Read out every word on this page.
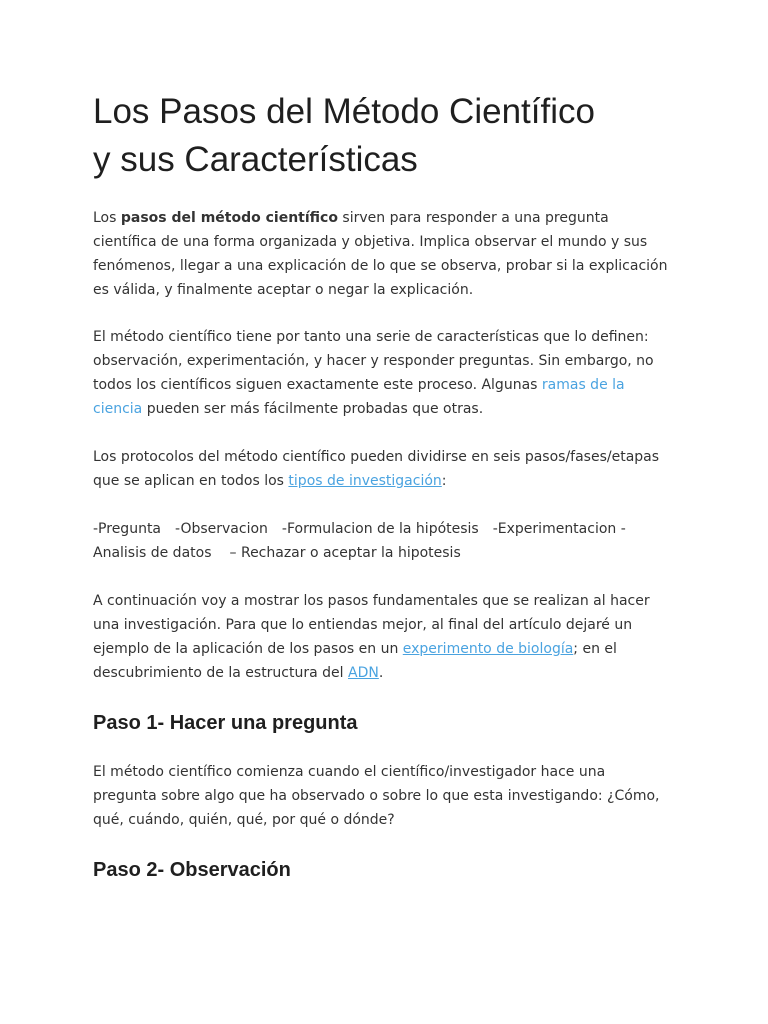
Los Pasos del Método Científico
y sus Características

Los pasos del método científico sirven para responder a una pregunta científica de una forma organizada y objetiva. Implica observar el mundo y sus fenómenos, llegar a una explicación de lo que se observa, probar si la explicación es válida, y finalmente aceptar o negar la explicación.

El método científico tiene por tanto una serie de características que lo definen: observación, experimentación, y hacer y responder preguntas. Sin embargo, no todos los científicos siguen exactamente este proceso. Algunas ramas de la ciencia pueden ser más fácilmente probadas que otras.

Los protocolos del método científico pueden dividirse en seis pasos/fases/etapas que se aplican en todos los tipos de investigación:

-Pregunta -Observacion -Formulacion de la hipótesis -Experimentacion -
Analisis de datos – Rechazar o aceptar la hipotesis

A continuación voy a mostrar los pasos fundamentales que se realizan al hacer una investigación. Para que lo entiendas mejor, al final del artículo dejaré un ejemplo de la aplicación de los pasos en un experimento de biología; en el descubrimiento de la estructura del ADN.

Paso 1- Hacer una pregunta

El método científico comienza cuando el científico/investigador hace una pregunta sobre algo que ha observado o sobre lo que esta investigando: ¿Cómo, qué, cuándo, quién, qué, por qué o dónde?

Paso 2- Observación
